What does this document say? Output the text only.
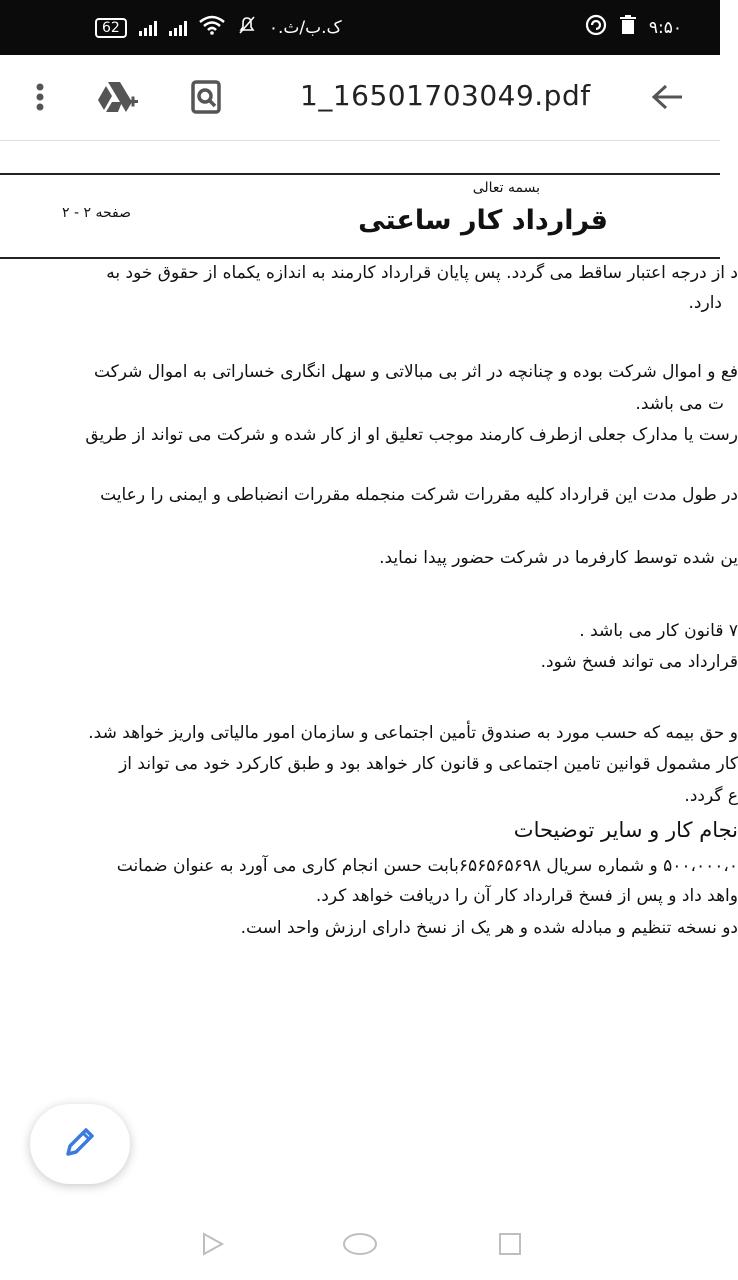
62	۰.ک.ب/ث	۹:۵۰
1_16501703049.pdf
بسمه تعالی
قرارداد کار ساعتی
صفحه ۲ - ۲
د از درجه اعتبار ساقط می گردد. پس پایان قرارداد کارمند به اندازه یکماه از حقوق خود به
دارد.
فع و اموال شرکت بوده و چنانچه در اثر بی مبالاتی و سهل انگاری خساراتی به اموال شرکت
ت می باشد.
رست یا مدارک جعلی ازطرف کارمند موجب تعلیق او از کار شده و شرکت می تواند از طریق
در طول مدت این قرارداد کلیه مقررات شرکت منجمله مقررات انضباطی و ایمنی را رعایت
ین شده توسط کارفرما در شرکت حضور پیدا نماید.
۷ قانون کار می باشد .
قرارداد می تواند فسخ شود.
و حق بیمه که حسب مورد به صندوق تأمین اجتماعی و سازمان امور مالیاتی واریز خواهد شد.
کار مشمول قوانین تامین اجتماعی و قانون کار خواهد بود و طبق کارکرد خود می تواند از
ع گردد.
نجام کار و سایر توضیحات
۵۰۰،۰۰۰،۰ و شماره سریال ۶۵۶۵۶۵۶۹۸بابت حسن انجام کاری می آورد به عنوان ضمانت
واهد داد و پس از فسخ قرارداد کار آن را دریافت خواهد کرد.
دو نسخه تنظیم و مبادله شده و هر یک از نسخ دارای ارزش واحد است.
